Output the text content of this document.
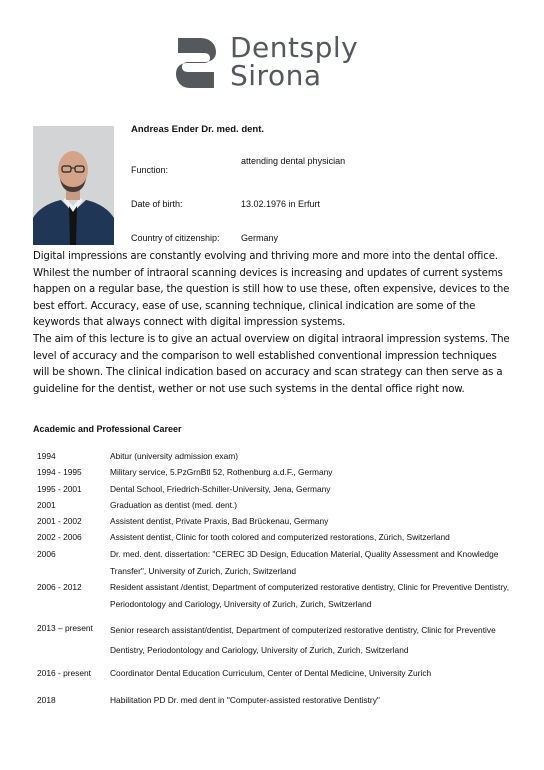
Dentsply
Sirona
Andreas Ender Dr. med. dent.
Function:
attending dental physician
Date of birth:	13.02.1976 in Erfurt
Country of citizenship: Germany
Digital impressions are constantly evolving and thriving more and more into the dental office. Whilest the number of intraoral scanning devices is increasing and updates of current systems happen on a regular base, the question is still how to use these, often expensive, devices to the best effort. Accuracy, ease of use, scanning technique, clinical indication are some of the keywords that always connect with digital impression systems.
The aim of this lecture is to give an actual overview on digital intraoral impression systems. The level of accuracy and the comparison to well established conventional impression techniques will be shown. The clinical indication based on accuracy and scan strategy can then serve as a guideline for the dentist, wether or not use such systems in the dental office right now.
Academic and Professional Career
1994	Abitur (university admission exam)
1994 - 1995	Military service, 5.PzGrnBtl 52, Rothenburg a.d.F., Germany
1995 - 2001	Dental School, Friedrich-Schiller-University, Jena, Germany
2001	Graduation as dentist (med. dent.)
2001 - 2002	Assistent dentist, Private Praxis, Bad Brückenau, Germany
2002 - 2006	Assistent dentist, Clinic for tooth colored and computerized restorations, Zürich, Switzerland
2006	Dr. med. dent. dissertation: "CEREC 3D Design, Education Material, Quality Assessment and Knowledge Transfer", University of Zurich, Zurich, Switzerland
2006 - 2012	Resident assistant /dentist, Department of computerized restorative dentistry, Clinic for Preventive Dentistry, Periodontology and Cariology, University of Zurich, Zurich, Switzerland
2013 – present	Senior research assistant/dentist, Department of computerized restorative dentistry, Clinic for Preventive Dentistry, Periodontology and Cariology, University of Zurich, Zurich, Switzerland
2016 - present	Coordinator Dental Education Curriculum, Center of Dental Medicine, University Zurich
2018	Habilitation PD Dr. med dent in "Computer-assisted restorative Dentistry"
